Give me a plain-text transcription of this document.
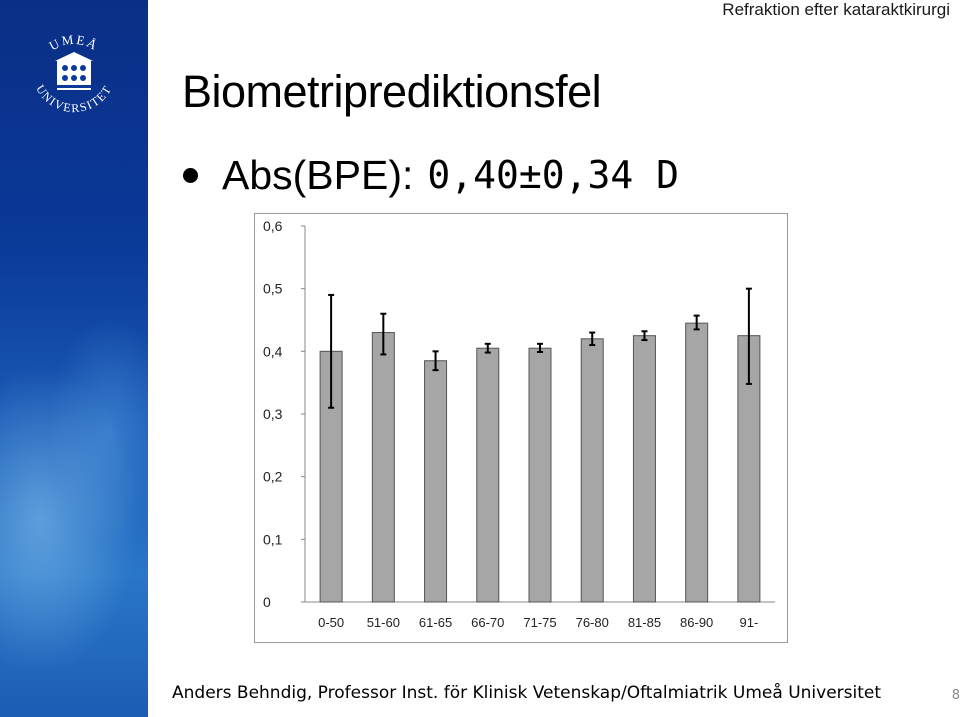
UMEÅ
UNIVERSITET
Refraktion efter kataraktkirurgi
Biometriprediktionsfel
Abs(BPE): 0,40±0,34 D
0
0,1
0,2
0,3
0,4
0,5
0,6
0-50 51-60 61-65 66-70 71-75 76-80 81-85 86-90 91-
Anders Behndig, Professor Inst. för Klinisk Vetenskap/Oftalmiatrik Umeå Universitet	8
